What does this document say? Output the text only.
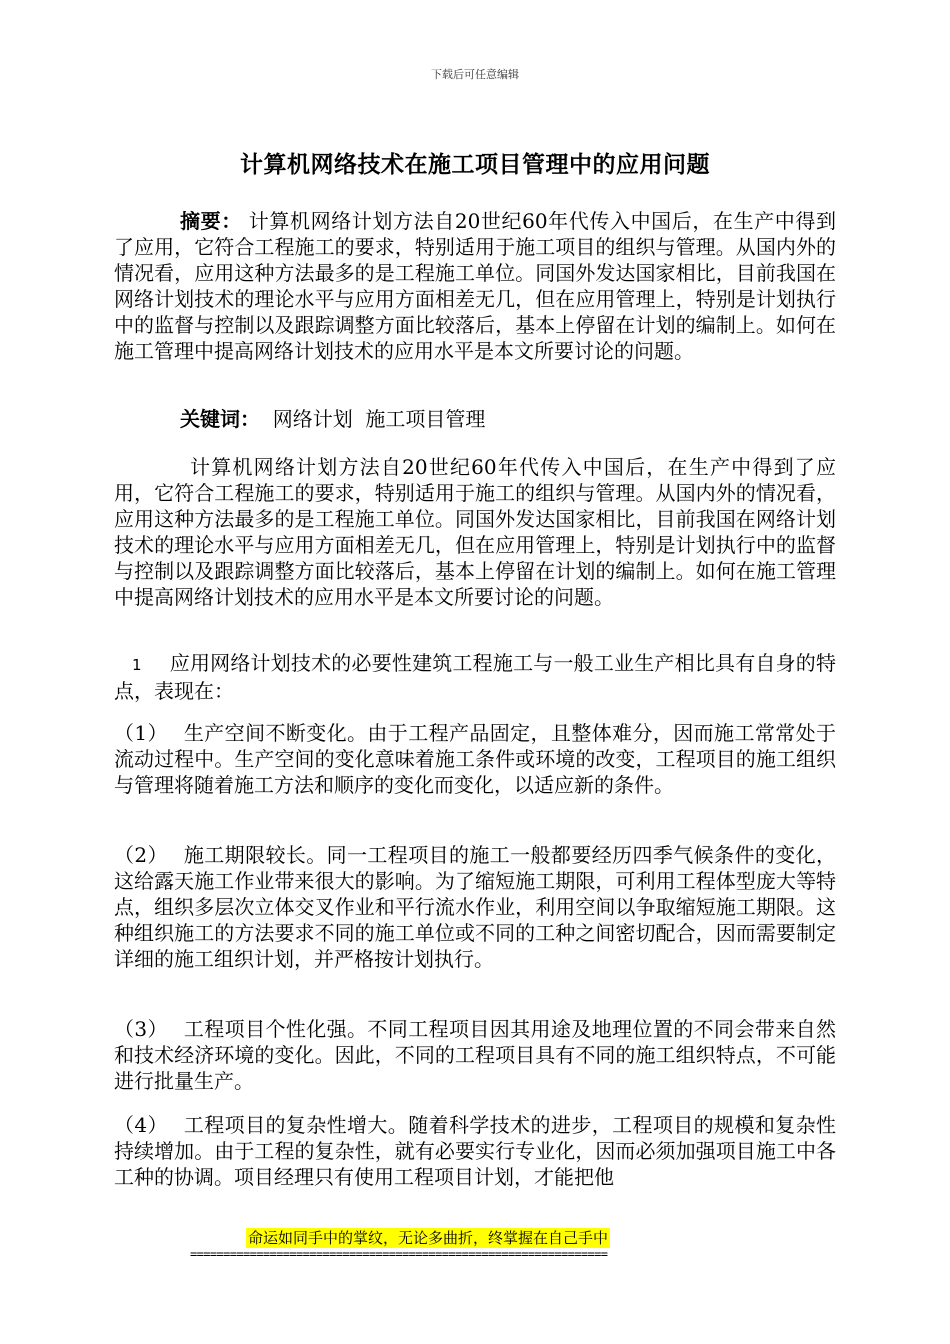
下载后可任意编辑
计算机网络技术在施工项目管理中的应用问题
摘要： 计算机网络计划方法自20世纪60年代传入中国后，在生产中得到了应用，它符合工程施工的要求，特别适用于施工项目的组织与管理。从国内外的情况看，应用这种方法最多的是工程施工单位。同国外发达国家相比，目前我国在网络计划技术的理论水平与应用方面相差无几，但在应用管理上，特别是计划执行中的监督与控制以及跟踪调整方面比较落后，基本上停留在计划的编制上。如何在施工管理中提高网络计划技术的应用水平是本文所要讨论的问题。
关键词： 网络计划  施工项目管理
计算机网络计划方法自20世纪60年代传入中国后，在生产中得到了应用，它符合工程施工的要求，特别适用于施工的组织与管理。从国内外的情况看，应用这种方法最多的是工程施工单位。同国外发达国家相比，目前我国在网络计划技术的理论水平与应用方面相差无几，但在应用管理上，特别是计划执行中的监督与控制以及跟踪调整方面比较落后，基本上停留在计划的编制上。如何在施工管理中提高网络计划技术的应用水平是本文所要讨论的问题。
1 应用网络计划技术的必要性建筑工程施工与一般工业生产相比具有自身的特点，表现在：
（1） 生产空间不断变化。由于工程产品固定，且整体难分，因而施工常常处于流动过程中。生产空间的变化意味着施工条件或环境的改变，工程项目的施工组织与管理将随着施工方法和顺序的变化而变化，以适应新的条件。
（2） 施工期限较长。同一工程项目的施工一般都要经历四季气候条件的变化，这给露天施工作业带来很大的影响。为了缩短施工期限，可利用工程体型庞大等特点，组织多层次立体交叉作业和平行流水作业，利用空间以争取缩短施工期限。这种组织施工的方法要求不同的施工单位或不同的工种之间密切配合，因而需要制定详细的施工组织计划，并严格按计划执行。
（3） 工程项目个性化强。不同工程项目因其用途及地理位置的不同会带来自然和技术经济环境的变化。因此，不同的工程项目具有不同的施工组织特点，不可能进行批量生产。
（4） 工程项目的复杂性增大。随着科学技术的进步，工程项目的规模和复杂性持续增加。由于工程的复杂性，就有必要实行专业化，因而必须加强项目施工中各工种的协调。项目经理只有使用工程项目计划，才能把他
命运如同手中的掌纹，无论多曲折，终掌握在自己手中
===============================================================
